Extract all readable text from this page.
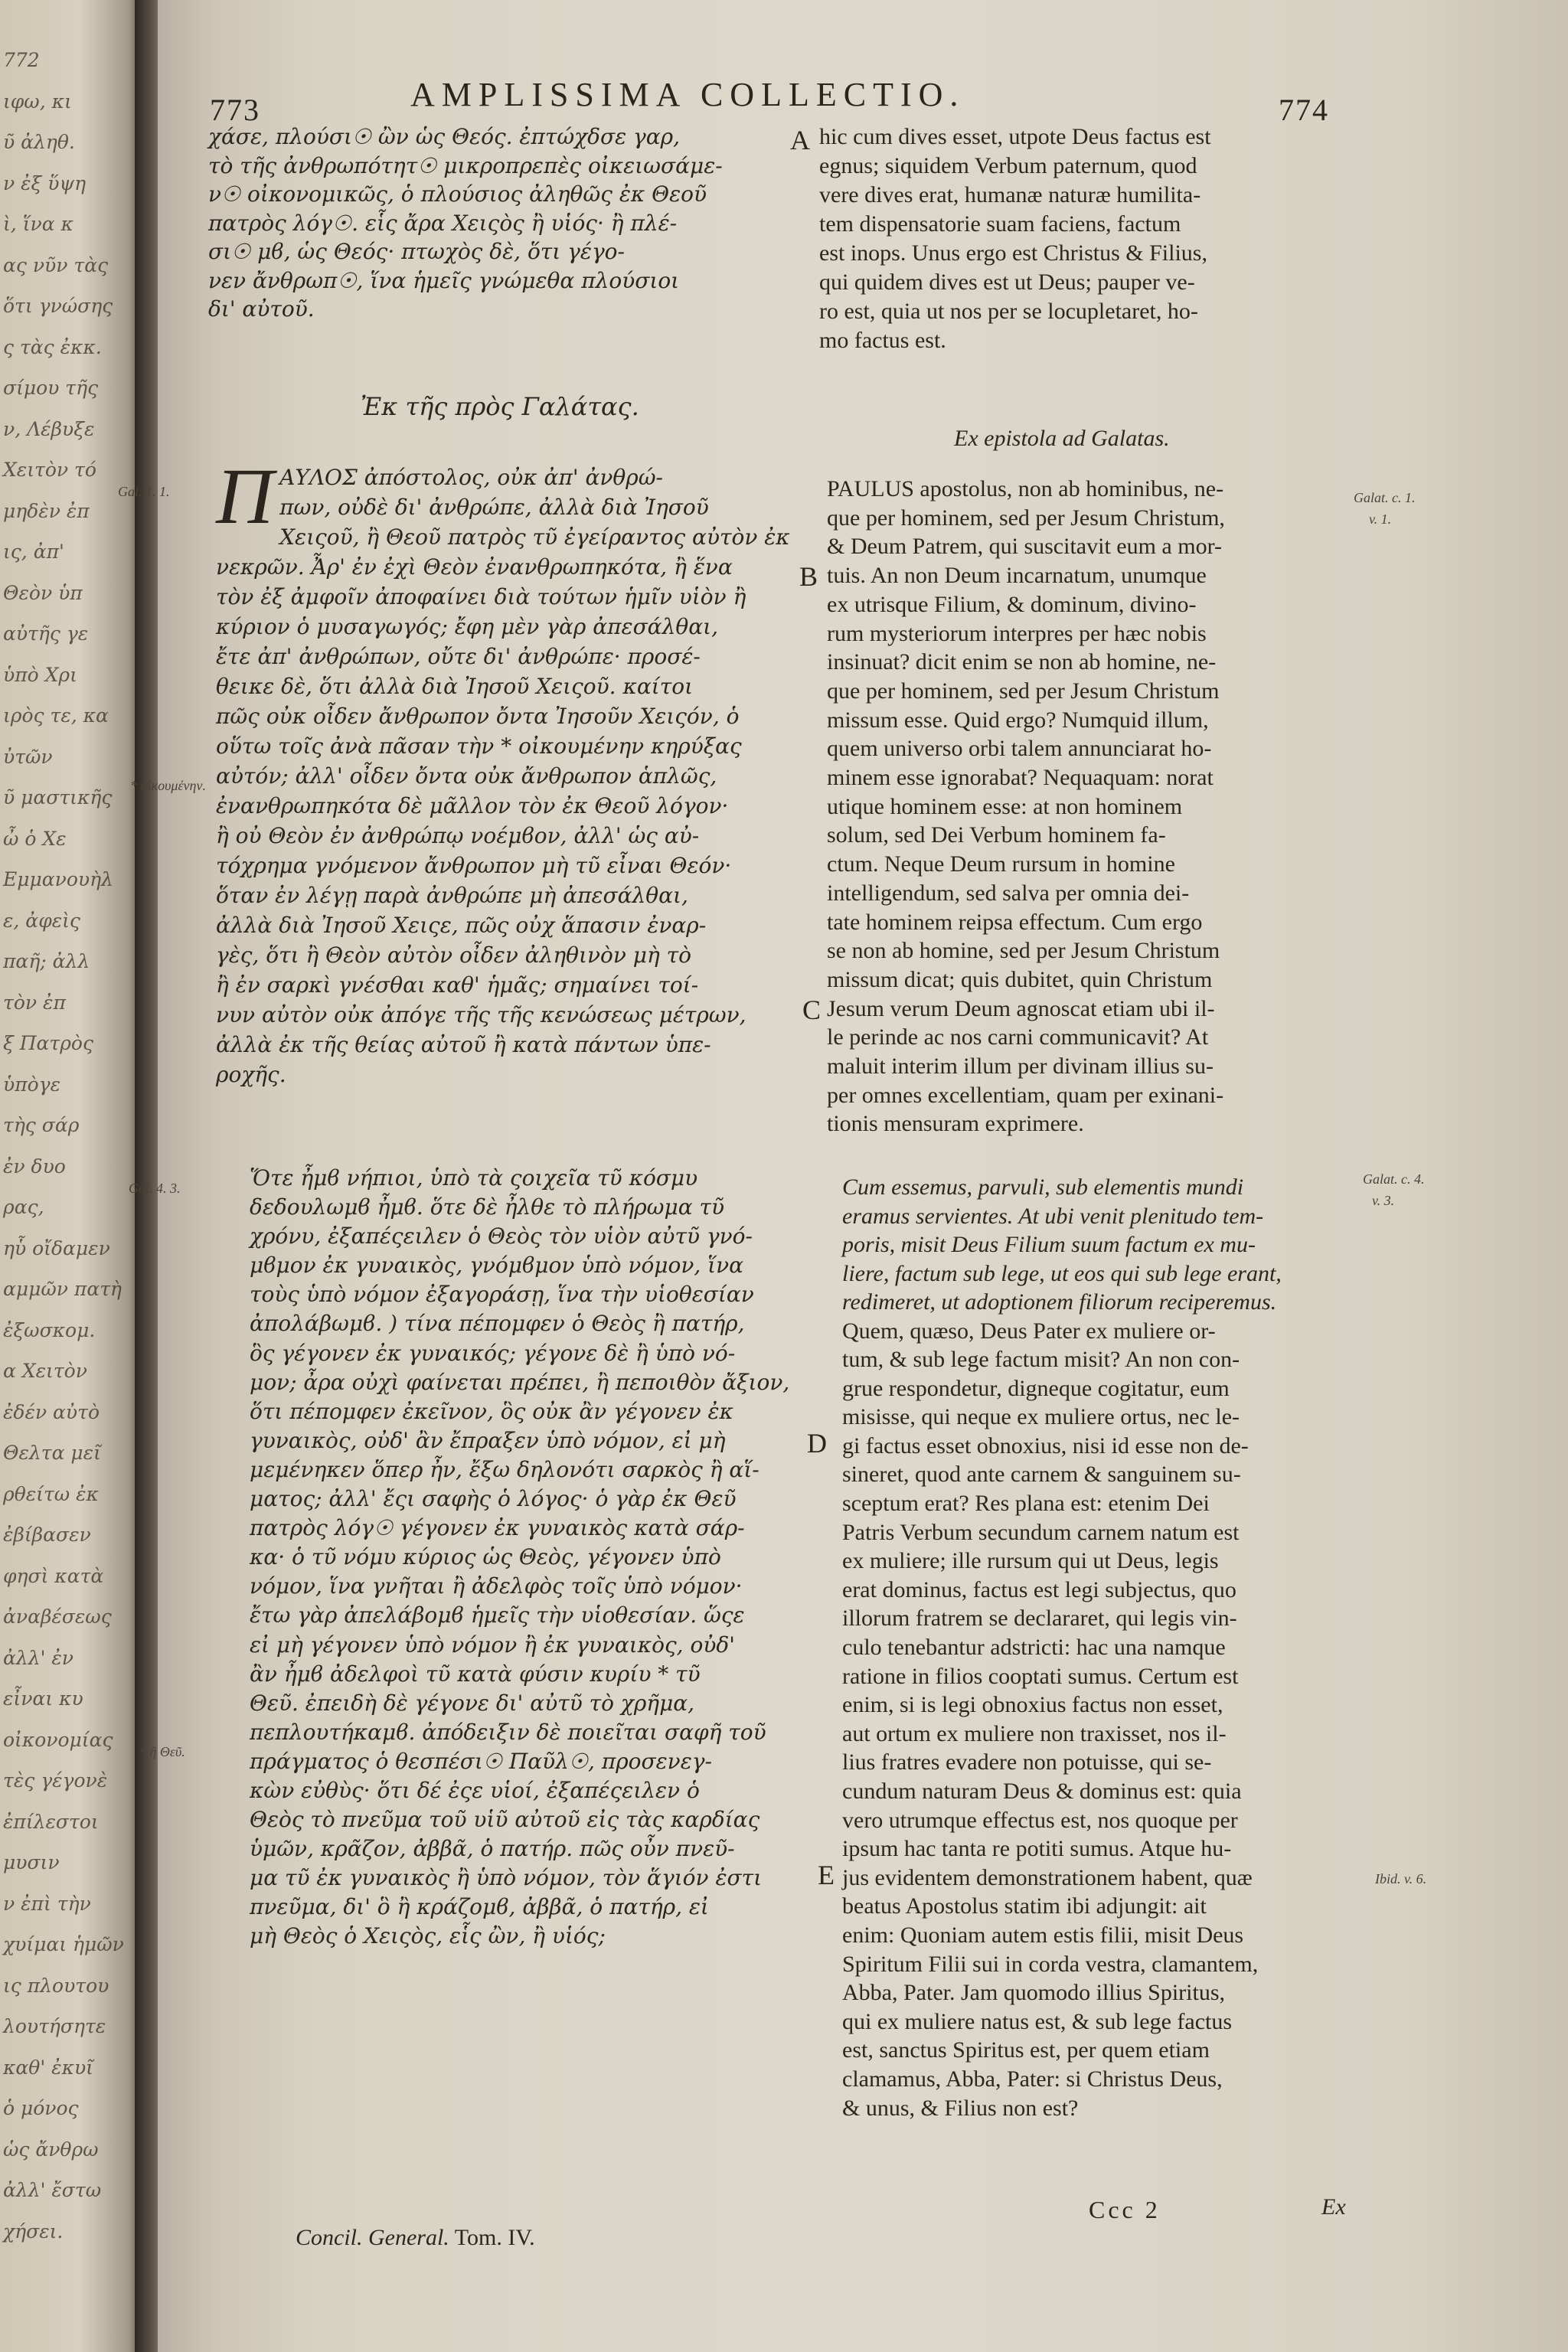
772
ιφω, κι
ῦ ἀληθ.
ν ἐξ ὕψη
ὶ, ἵνα κ
ας νῦν τὰς
ὅτι γνώσης
ς τὰς ἐκκ.
σίμου τῆς
ν, Λέβυξε
Χειτὸν τό
μηδὲν ἐπ
ις, ἀπ'
Θεὸν ὑπ
αὐτῆς γε
ὑπὸ Χρι
ιρὸς τε, κα
ὐτῶν
ῦ μαστικῆς
ὦ ὁ Χε
Εμμανουὴλ
ε, ἀφεὶς
παῆ; ἀλλ
τὸν ἐπ
ξ Πατρὸς
ὑπὸγε
τὴς σάρ
ἐν δυο
ρας,
ηὗ οἴδαμεν
αμμῶν πατὴ
ἐξωσκομ.
α Χειτὸν
ἐδέν αὐτὸ
Θελτα μεῖ
ρθείτω ἐκ
ἐβίβασεν
φησὶ κατὰ
ἀναβέσεως
ἀλλ' ἐν
εἶναι κυ
οἰκονομίας
τὲς γέγονὲ
ἐπίλεστοι
μυσιν
ν ἐπὶ τὴν
χυίμαι ἡμῶν
ις πλουτου
λουτήσητε
καθ' ἐκυῖ
ὁ μόνος
ὡς ἄνθρω
ἀλλ' ἔστω
χήσει.
773	AMPLISSIMA COLLECTIO.	774
χάσε, πλούσι☉ ὢν ὡς Θεός. ἐπτώχδσε γαρ,
τὸ τῆς ἀνθρωπότητ☉ μικροπρεπὲς οἰκειωσάμε-
ν☉ οἰκονομικῶς, ὁ πλούσιος ἀληθῶς ἐκ Θεοῦ
πατρὸς λόγ☉. εἷς ἄρα Χειςὸς ἢ υἱός· ἢ πλέ-
σι☉ μϐ, ὡς Θεός· πτωχὸς δὲ, ὅτι γέγο-
νεν ἄνθρωπ☉, ἵνα ἡμεῖς γνώμεθα πλούσιοι
δι' αὐτοῦ.
hic cum dives esset, utpote Deus factus est
egnus; siquidem Verbum paternum, quod
vere dives erat, humanæ naturæ humilita-
tem dispensatorie suam faciens, factum
est inops. Unus ergo est Christus & Filius,
qui quidem dives est ut Deus; pauper ve-
ro est, quia ut nos per se locupletaret, ho-
mo factus est.
Ἐκ τῆς πρὸς Γαλάτας.
Ex epistola ad Galatas.
Π ΑΥΛΟΣ ἀπόστολος, οὐκ ἀπ' ἀνθρώ-
πων, οὐδὲ δι' ἀνθρώπε, ἀλλὰ διὰ Ἰησοῦ
Χειςοῦ, ἢ Θεοῦ πατρὸς τῦ ἐγείραντος αὐτὸν ἐκ
νεκρῶν. Ἆρ' ἐν ἐχὶ Θεὸν ἐνανθρωπηκότα, ἢ ἕνα
τὸν ἐξ ἀμφοῖν ἀποφαίνει διὰ τούτων ἡμῖν υἱὸν ἢ
κύριον ὁ μυσαγωγός; ἔφη μὲν γὰρ ἀπεσάλθαι,
ἔτε ἀπ' ἀνθρώπων, οὔτε δι' ἀνθρώπε· προσέ-
θεικε δὲ, ὅτι ἀλλὰ διὰ Ἰησοῦ Χειςοῦ. καίτοι
πῶς οὐκ οἶδεν ἄνθρωπον ὄντα Ἰησοῦν Χειςόν, ὁ
οὕτω τοῖς ἀνὰ πᾶσαν τὴν * οἰκουμένην κηρύξας
αὐτόν; ἀλλ' οἶδεν ὄντα οὐκ ἄνθρωπον ἁπλῶς,
ἐνανθρωπηκότα δὲ μᾶλλον τὸν ἐκ Θεοῦ λόγον·
ἢ οὐ Θεὸν ἐν ἀνθρώπῳ νοέμϐον, ἀλλ' ὡς αὐ-
τόχρημα γνόμενον ἄνθρωπον μὴ τῦ εἶναι Θεόν·
ὅταν ἐν λέγῃ παρὰ ἀνθρώπε μὴ ἀπεσάλθαι,
ἀλλὰ διὰ Ἰησοῦ Χειςε, πῶς οὐχ ἅπασιν ἐναρ-
γὲς, ὅτι ἢ Θεὸν αὐτὸν οἶδεν ἀληθινὸν μὴ τὸ
ἢ ἐν σαρκὶ γνέσθαι καθ' ἡμᾶς; σημαίνει τοί-
νυν αὐτὸν οὐκ ἀπόγε τῆς τῆς κενώσεως μέτρων,
ἀλλὰ ἐκ τῆς θείας αὐτοῦ ἢ κατὰ πάντων ὑπε-
ροχῆς.
PAULUS apostolus, non ab hominibus, ne-
que per hominem, sed per Jesum Christum,
& Deum Patrem, qui suscitavit eum a mor-
tuis. An non Deum incarnatum, unumque
ex utrisque Filium, & dominum, divino-
rum mysteriorum interpres per hæc nobis
insinuat? dicit enim se non ab homine, ne-
que per hominem, sed per Jesum Christum
missum esse. Quid ergo? Numquid illum,
quem universo orbi talem annunciarat ho-
minem esse ignorabat? Nequaquam: norat
utique hominem esse: at non hominem
solum, sed Dei Verbum hominem fa-
ctum. Neque Deum rursum in homine
intelligendum, sed salva per omnia dei-
tate hominem reipsa effectum. Cum ergo
se non ab homine, sed per Jesum Christum
missum dicat; quis dubitet, quin Christum
Jesum verum Deum agnoscat etiam ubi il-
le perinde ac nos carni communicavit? At
maluit interim illum per divinam illius su-
per omnes excellentiam, quam per exinani-
tionis mensuram exprimere.
Ὅτε ἦμϐ νήπιοι, ὑπὸ τὰ ςοιχεῖα τῦ κόσμυ
δεδουλωμϐ ἦμϐ. ὅτε δὲ ἦλθε τὸ πλήρωμα τῦ
χρόνυ, ἐξαπέςειλεν ὁ Θεὸς τὸν υἱὸν αὐτῦ γνό-
μϐμον ἐκ γυναικὸς, γνόμϐμον ὑπὸ νόμον, ἵνα
τοὺς ὑπὸ νόμον ἐξαγοράσῃ, ἵνα τὴν υἱοθεσίαν
ἀπολάβωμϐ. ) τίνα πέπομφεν ὁ Θεὸς ἢ πατήρ,
ὃς γέγονεν ἐκ γυναικός; γέγονε δὲ ἢ ὑπὸ νό-
μον; ἆρα οὐχὶ φαίνεται πρέπει, ἢ πεποιθὸν ἄξιον,
ὅτι πέπομφεν ἐκεῖνον, ὃς οὐκ ἂν γέγονεν ἐκ
γυναικὸς, οὐδ' ἂν ἔπραξεν ὑπὸ νόμον, εἰ μὴ
μεμένηκεν ὅπερ ἦν, ἔξω δηλονότι σαρκὸς ἢ αἵ-
ματος; ἀλλ' ἔςι σαφὴς ὁ λόγος· ὁ γὰρ ἐκ Θεῦ
πατρὸς λόγ☉ γέγονεν ἐκ γυναικὸς κατὰ σάρ-
κα· ὁ τῦ νόμυ κύριος ὡς Θεὸς, γέγονεν ὑπὸ
νόμον, ἵνα γνῆται ἢ ἀδελφὸς τοῖς ὑπὸ νόμον·
ἔτω γὰρ ἀπελάβομϐ ἡμεῖς τὴν υἱοθεσίαν. ὥςε
εἰ μὴ γέγονεν ὑπὸ νόμον ἢ ἐκ γυναικὸς, οὐδ'
ἂν ἦμϐ ἀδελφοὶ τῦ κατὰ φύσιν κυρίυ * τῦ
Θεῦ. ἐπειδὴ δὲ γέγονε δι' αὐτῦ τὸ χρῆμα,
πεπλουτήκαμϐ. ἀπόδειξιν δὲ ποιεῖται σαφῆ τοῦ
πράγματος ὁ θεσπέσι☉ Παῦλ☉, προσενεγ-
κὼν εὐθὺς· ὅτι δέ ἐςε υἱοί, ἐξαπέςειλεν ὁ
Θεὸς τὸ πνεῦμα τοῦ υἱῦ αὐτοῦ εἰς τὰς καρδίας
ὑμῶν, κρᾶζον, ἀββᾶ, ὁ πατήρ. πῶς οὖν πνεῦ-
μα τῦ ἐκ γυναικὸς ἢ ὑπὸ νόμον, τὸν ἅγιόν ἐστι
πνεῦμα, δι' ὃ ἢ κράζομϐ, ἀββᾶ, ὁ πατήρ, εἰ
μὴ Θεὸς ὁ Χειςὸς, εἷς ὢν, ἢ υἱός;
Cum essemus, parvuli, sub elementis mundi
eramus servientes. At ubi venit plenitudo tem-
poris, misit Deus Filium suum factum ex mu-
liere, factum sub lege, ut eos qui sub lege erant,
redimeret, ut adoptionem filiorum reciperemus.
Quem, quæso, Deus Pater ex muliere or-
tum, & sub lege factum misit? An non con-
grue respondetur, digneque cogitatur, eum
misisse, qui neque ex muliere ortus, nec le-
gi factus esset obnoxius, nisi id esse non de-
sineret, quod ante carnem & sanguinem su-
sceptum erat? Res plana est: etenim Dei
Patris Verbum secundum carnem natum est
ex muliere; ille rursum qui ut Deus, legis
erat dominus, factus est legi subjectus, quo
illorum fratrem se declararet, qui legis vin-
culo tenebantur adstricti: hac una namque
ratione in filios cooptati sumus. Certum est
enim, si is legi obnoxius factus non esset,
aut ortum ex muliere non traxisset, nos il-
lius fratres evadere non potuisse, qui se-
cundum naturam Deus & dominus est: quia
vero utrumque effectus est, nos quoque per
ipsum hac tanta re potiti sumus. Atque hu-
jus evidentem demonstrationem habent, quæ
beatus Apostolus statim ibi adjungit: ait
enim: Quoniam autem estis filii, misit Deus
Spiritum Filii sui in corda vestra, clamantem,
Abba, Pater. Jam quomodo illius Spiritus,
qui ex muliere natus est, & sub lege factus
est, sanctus Spiritus est, per quem etiam
clamamus, Abba, Pater: si Christus Deus,
& unus, & Filius non est?
A
B
C
D
E
Gal. 1. 1.
* οἰκουμένην.
Gal. 4. 3.
* ἢ Θεῦ.
Galat. c. 1.
v. 1.
Galat. c. 4.
v. 3.
Ibid. v. 6.
Concil. General. Tom. IV.
Ccc 2	Ex
